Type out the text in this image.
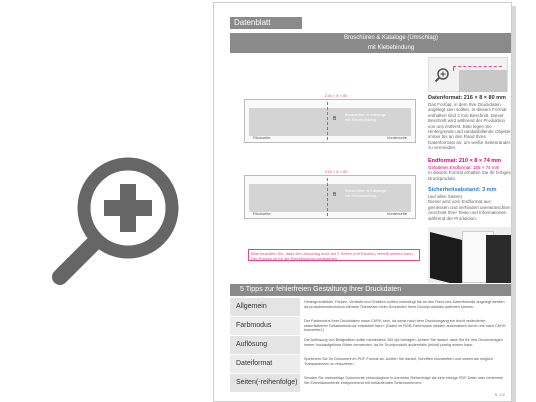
Datenblatt
Broschüren & Kataloge (Umschlag)
mit Klebebindung
216 × 8 × 80
B
Broschüren & Kataloge
mit Klebebindung
Rückseite	Vorderseite
216 × 8 × 80
B
Broschüren & Kataloge
mit Klebebindung
Rückseite	Vorderseite
Bitte beachten Sie, dass der Umschlag nicht auf 2 Seiten (mit Rücken) verteilt werden kann. Der Rücken ist für die Klebebindung vorgesehen.
Datenformat: 216 × 8 × 80 mm
Das Format, in dem Ihre Druckdaten angelegt sein sollten. In diesem Format enthalten sind 3 mm Beschnitt. Dieser Beschnitt wird während der Produktion von uns entfernt. Bitte legen Sie Hintergründe und randabfallende Objekte immer bis an den Rand Ihres Datenformats an, um weiße Seitenränder zu vermeiden.
Endformat: 210 × 8 × 74 mm
Gefaltetes Endformat: 105 × 74 mm
In diesem Format erhalten Sie Ihr fertiges Druckprodukt.
Sicherheitsabstand: 3 mm
(auf allen Seiten)
Dieser wird vom Endformat aus gemessen und verhindert unerwünschten Anschnitt Ihrer Texte und Informationen während der Produktion.
5 Tipps zur fehlerfreien Gestaltung Ihrer Druckdaten
Allgemein
Hintergrundbilder, Farben, Verläufe und Grafiken sollten unbedingt bis an den Rand des Datenformats angelegt werden, da produktionstechnisch kleinste Toleranzen beim Schneiden Ihres Druckproduktes auftreten können.
Farbmodus
Der Farbmodus Ihrer Druckdaten muss CMYK sein, da sonst nach dem Druckvorgang ein leicht veränderter, rasterfarbener Gesamteindruck entstehen kann. (Daten im RGB-Farbmodus werden automatisch durch uns nach CMYK konvertiert.)
Auflösung
Die Auflösung von Bildgrafiken sollte mindestens 300 dpi betragen. Achten Sie darauf, dass Sie für Ihre Druckvorlagen immer hochaufgelöste Bilder verwenden, da Ihr Druckprodukt andernfalls (leicht) pixelig wirken kann.
Dateiformat
Speichern Sie Ihr Dokument im PDF-Format ab. Achten Sie darauf, Schriften einzubetten und soweit als möglich Transparenzen zu reduzieren.
Seiten(-reihenfolge)
Senden Sie mehrseitige Dokumente chronologisch in korrekter Reihenfolge als eine einzige PDF-Datei oder benennen Sie Einzeldokumente entsprechend mit fortlaufenden Seitennummern.
S. 1/2
